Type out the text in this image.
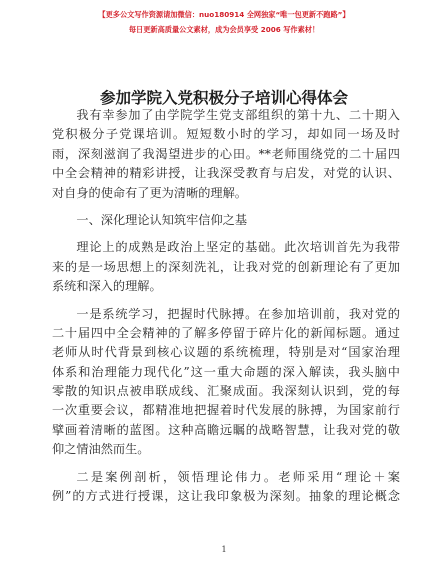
【更多公文写作资源请加微信：nuo180914 全网独家“唯一包更新不跑路”】
每日更新高质量公文素材，成为会员享受 2006 写作素材！
参加学院入党积极分子培训心得体会
我有幸参加了由学院学生党支部组织的第十九、二十期入
党积极分子党课培训。短短数小时的学习，却如同一场及时
雨，深刻滋润了我渴望进步的心田。**老师围绕党的二十届四
中全会精神的精彩讲授，让我深受教育与启发，对党的认识、
对自身的使命有了更为清晰的理解。
一、深化理论认知筑牢信仰之基
理论上的成熟是政治上坚定的基础。此次培训首先为我带
来的是一场思想上的深刻洗礼，让我对党的创新理论有了更加
系统和深入的理解。
一是系统学习，把握时代脉搏。在参加培训前，我对党的
二十届四中全会精神的了解多停留于碎片化的新闻标题。通过
老师从时代背景到核心议题的系统梳理，特别是对“国家治理
体系和治理能力现代化”这一重大命题的深入解读，我头脑中
零散的知识点被串联成线、汇聚成面。我深刻认识到，党的每
一次重要会议，都精准地把握着时代发展的脉搏，为国家前行
擘画着清晰的蓝图。这种高瞻远瞩的战略智慧，让我对党的敬
仰之情油然而生。
二是案例剖析，领悟理论伟力。老师采用“理论＋案
例”的方式进行授课，这让我印象极为深刻。抽象的理论概念
1
